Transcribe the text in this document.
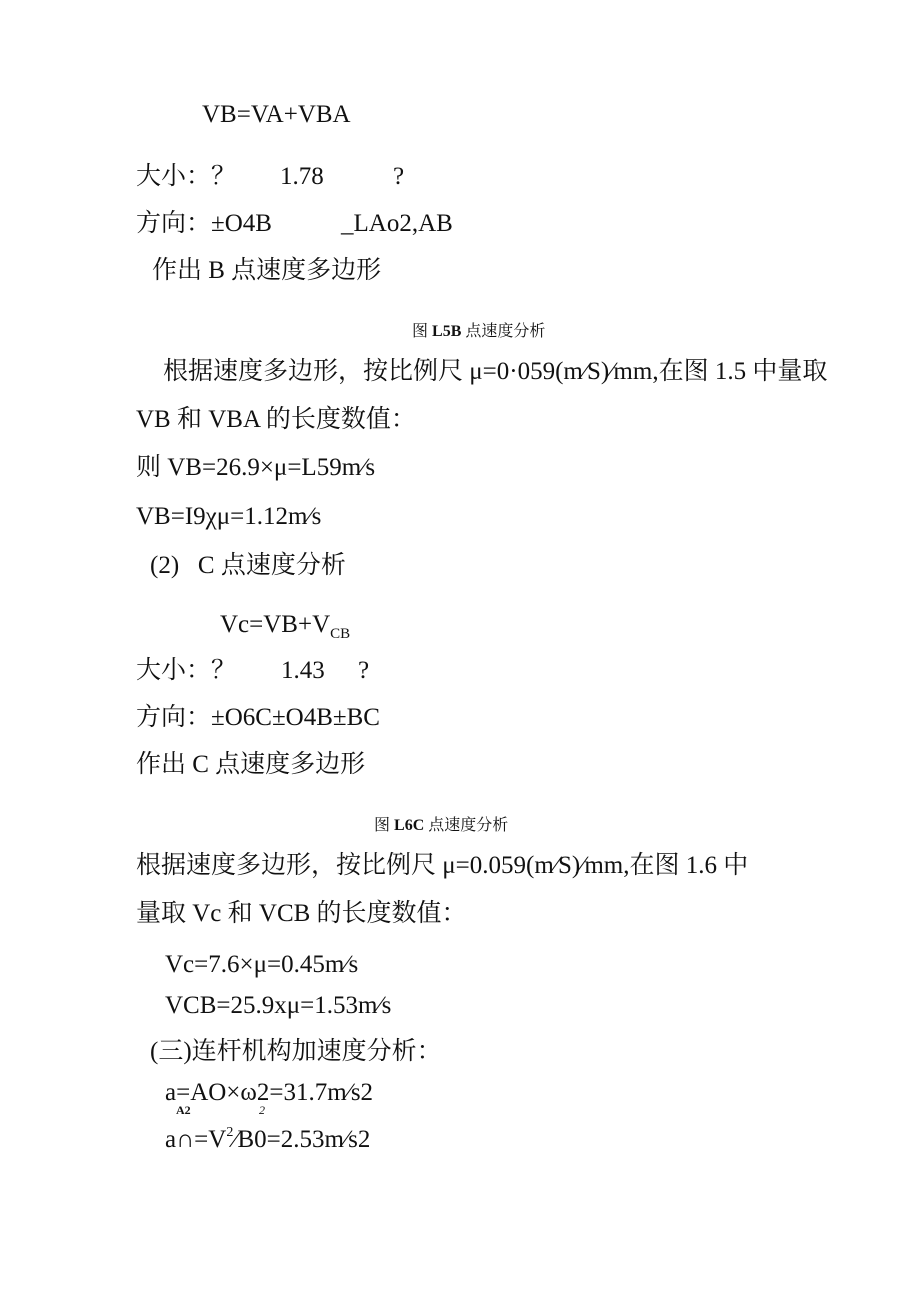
VB=VA+VBA
大小：？ 1.78	?
方向：±O4B	_LAo2,AB
作出 B 点速度多边形
图 L5B 点速度分析
根据速度多边形，按比例尺 μ=0·059(m∕S)∕mm,在图 1.5 中量取
VB 和 VBA 的长度数值：
则 VB=26.9×μ=L59m∕s
VB=I9χμ=1.12m∕s
(2)   C 点速度分析
$Vc=VB+V_{CB}$
大小：？ 1.43 ?
方向：±O6C±O4B±BC
作出 C 点速度多边形
图 L6C 点速度分析
根据速度多边形，按比例尺 μ=0.059(m∕S)∕mm,在图 1.6 中
量取 Vc 和 VCB 的长度数值：
Vc=7.6×μ=0.45m∕s
VCB=25.9xμ=1.53m∕s
(三)连杆机构加速度分析：
a=AO×ω2=31.7m∕s2
A2	2
$a\cap=V^2∕B0=2.53m∕s2$
